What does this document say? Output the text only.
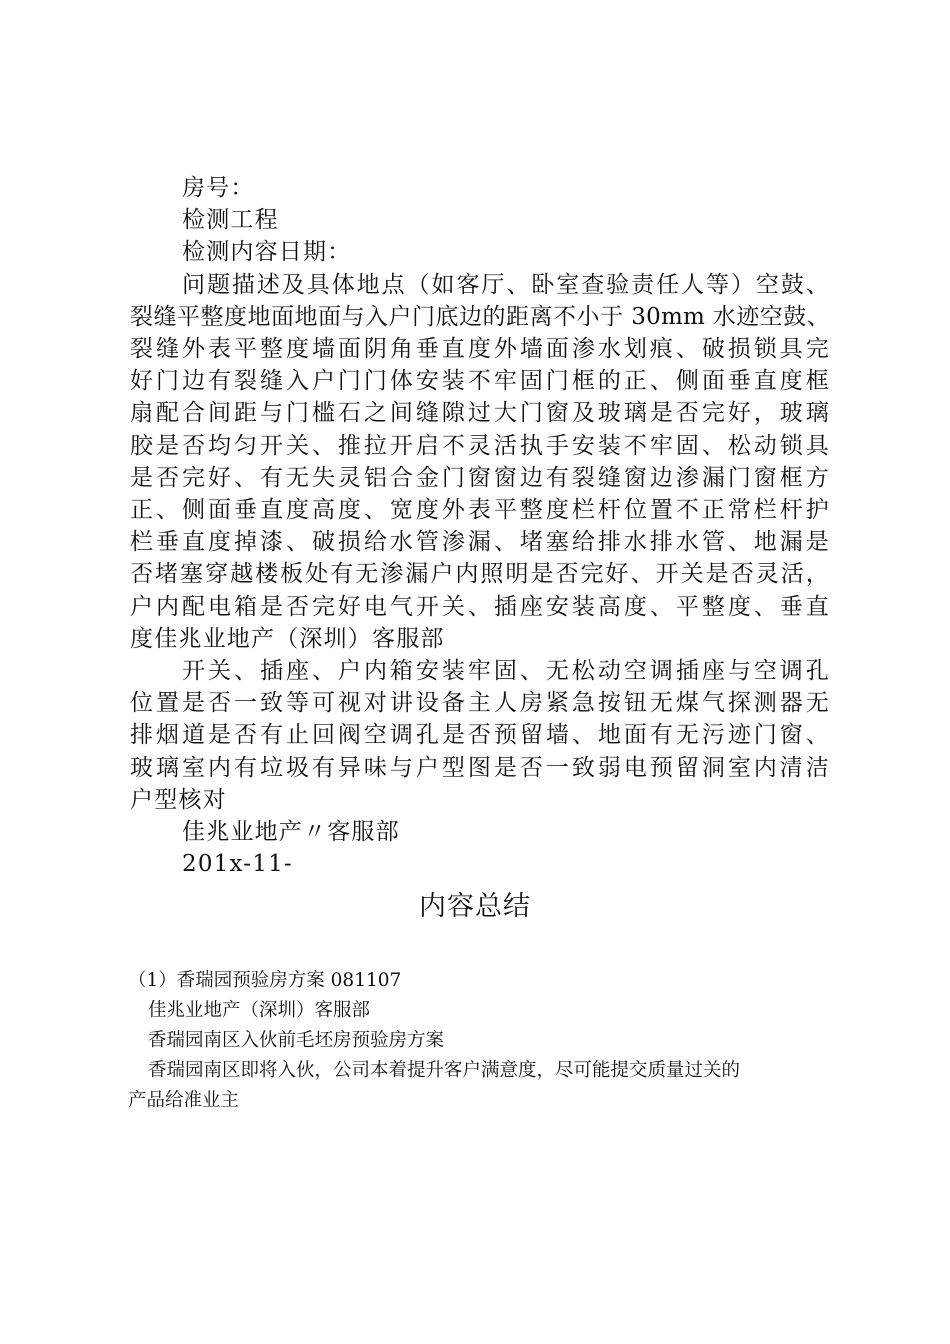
房号：

检测工程

检测内容日期：

问题描述及具体地点（如客厅、卧室查验责任人等）空鼓、
裂缝平整度地面地面与入户门底边的距离不小于 30mm 水迹空鼓、
裂缝外表平整度墙面阴角垂直度外墙面渗水划痕、破损锁具完
好门边有裂缝入户门门体安装不牢固门框的正、侧面垂直度框
扇配合间距与门槛石之间缝隙过大门窗及玻璃是否完好，玻璃
胶是否均匀开关、推拉开启不灵活执手安装不牢固、松动锁具
是否完好、有无失灵铝合金门窗窗边有裂缝窗边渗漏门窗框方
正、侧面垂直度高度、宽度外表平整度栏杆位置不正常栏杆护
栏垂直度掉漆、破损给水管渗漏、堵塞给排水排水管、地漏是
否堵塞穿越楼板处有无渗漏户内照明是否完好、开关是否灵活，
户内配电箱是否完好电气开关、插座安装高度、平整度、垂直
度佳兆业地产（深圳）客服部

开关、插座、户内箱安装牢固、无松动空调插座与空调孔
位置是否一致等可视对讲设备主人房紧急按钮无煤气探测器无
排烟道是否有止回阀空调孔是否预留墙、地面有无污迹门窗、
玻璃室内有垃圾有异味与户型图是否一致弱电预留洞室内清洁
户型核对

佳兆业地产〃客服部

201x-11-

内容总结

（1）香瑞园预验房方案 081107

佳兆业地产（深圳）客服部

香瑞园南区入伙前毛坯房预验房方案

香瑞园南区即将入伙，公司本着提升客户满意度，尽可能提交质量过关的

产品给准业主
